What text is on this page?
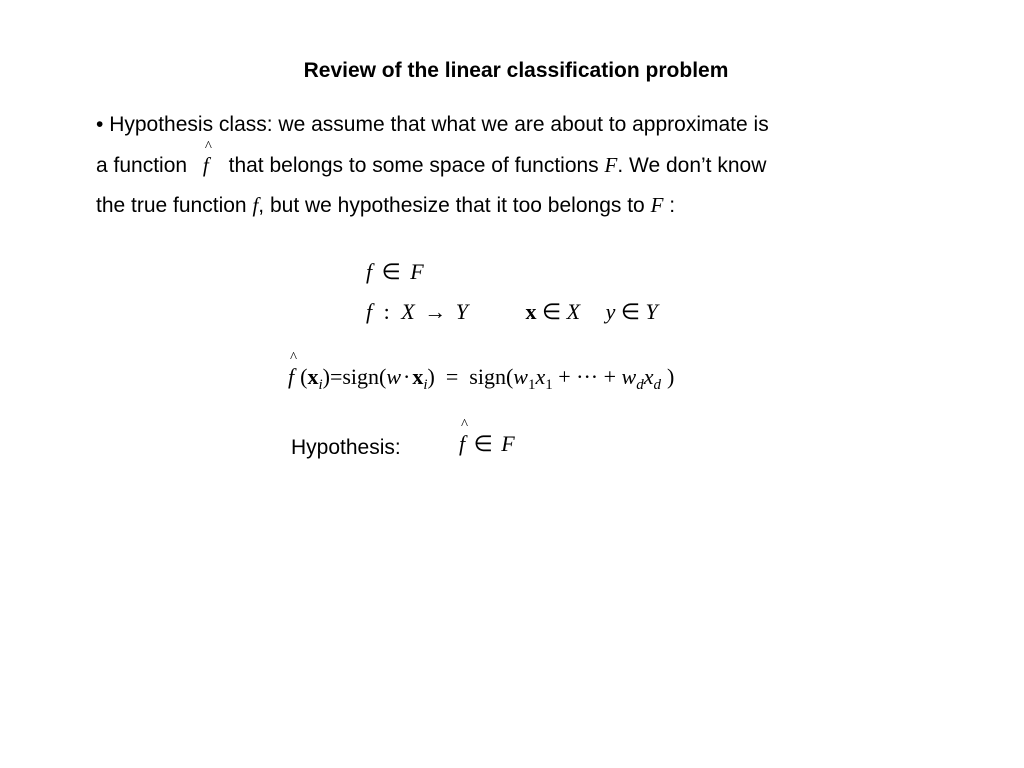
Review of the linear classification problem
• Hypothesis class: we assume that what we are about to approximate is
a function
^
f that belongs to some space of functions F. We don’t know
the true function f, but we hypothesize that it too belongs to F :
f ∈ F
f : X → Y	x ∈ X y ∈ Y
^
f $(x_i)=sign(w\cdot x_i)$  =  $sign(w_1x_1$ + ··· + $w_dx_d$ )
Hypothesis:
^
f ∈ F
